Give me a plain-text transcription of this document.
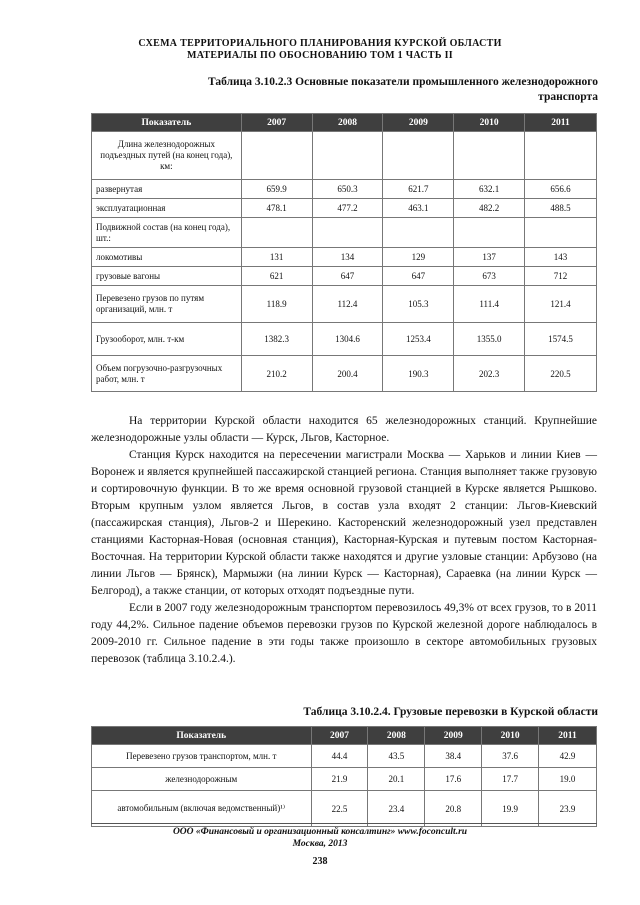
СХЕМА ТЕРРИТОРИАЛЬНОГО ПЛАНИРОВАНИЯ КУРСКОЙ ОБЛАСТИ
МАТЕРИАЛЫ ПО ОБОСНОВАНИЮ ТОМ 1 ЧАСТЬ II
Таблица 3.10.2.3 Основные показатели промышленного железнодорожного
транспорта
Показатель	2007	2008	2009	2010	2011
Длина железнодорожных подъездных путей (на конец года), км:					
развернутая	659.9	650.3	621.7	632.1	656.6
эксплуатационная	478.1	477.2	463.1	482.2	488.5
Подвижной состав (на конец года), шт.:					
локомотивы	131	134	129	137	143
грузовые вагоны	621	647	647	673	712
Перевезено грузов по путям организаций, млн. т	118.9	112.4	105.3	111.4	121.4
Грузооборот, млн. т-км	1382.3	1304.6	1253.4	1355.0	1574.5
Объем погрузочно-разгрузочных работ, млн. т	210.2	200.4	190.3	202.3	220.5

На территории Курской области находится 65 железнодорожных станций. Крупнейшие железнодорожные узлы области — Курск, Льгов, Касторное.

Станция Курск находится на пересечении магистрали Москва — Харьков и линии Киев — Воронеж и является крупнейшей пассажирской станцией региона. Станция выполняет также грузовую и сортировочную функции. В то же время основной грузовой станцией в Курске является Рышково. Вторым крупным узлом является Льгов, в состав узла входят 2 станции: Льгов-Киевский (пассажирская станция), Льгов-2 и Шерекино. Касторенский железнодорожный узел представлен станциями Касторная-Новая (основная станция), Касторная-Курская и путевым постом Касторная-Восточная. На территории Курской области также находятся и другие узловые станции: Арбузово (на линии Льгов — Брянск), Мармыжи (на линии Курск — Касторная), Сараевка (на линии Курск — Белгород), а также станции, от которых отходят подъездные пути.

Если в 2007 году железнодорожным транспортом перевозилось 49,3% от всех грузов, то в 2011 году 44,2%. Сильное падение объемов перевозки грузов по Курской железной дороге наблюдалось в 2009-2010 гг. Сильное падение в эти годы также произошло в секторе автомобильных грузовых перевозок (таблица 3.10.2.4.).

Таблица 3.10.2.4. Грузовые перевозки в Курской области
Показатель	2007	2008	2009	2010	2011
Перевезено грузов транспортом, млн. т	44.4	43.5	38.4	37.6	42.9
железнодорожным	21.9	20.1	17.6	17.7	19.0
автомобильным (включая ведомственный)¹⁾	22.5	23.4	20.8	19.9	23.9
ООО «Финансовый и организационный консалтинг» www.foconcult.ru
Москва, 2013
238
